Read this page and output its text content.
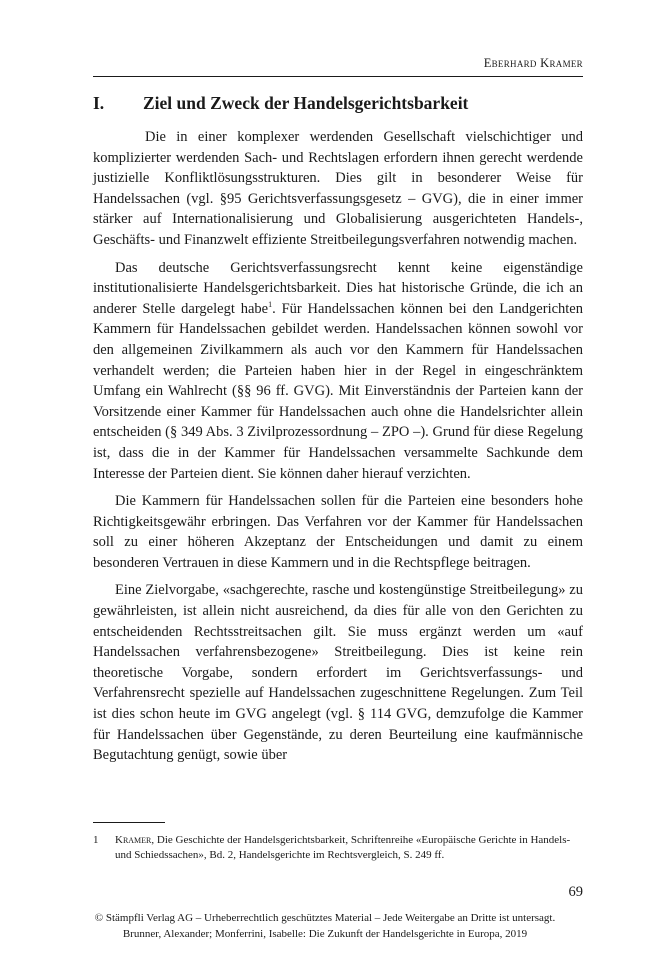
Eberhard Kramer
I. Ziel und Zweck der Handelsgerichtsbarkeit

Die in einer komplexer werdenden Gesellschaft vielschichtiger und komplizierter werdenden Sach- und Rechtslagen erfordern ihnen gerecht werdende justizielle Konfliktlösungsstrukturen. Dies gilt in besonderer Weise für Handelssachen (vgl. §95 Gerichtsverfassungsgesetz – GVG), die in einer immer stärker auf Internationalisierung und Globalisierung ausgerichteten Handels-, Geschäfts- und Finanzwelt effiziente Streitbeilegungsverfahren notwendig machen.

Das deutsche Gerichtsverfassungsrecht kennt keine eigenständige institutionalisierte Handelsgerichtsbarkeit. Dies hat historische Gründe, die ich an anderer Stelle dargelegt habe$^1$. Für Handelssachen können bei den Landgerichten Kammern für Handelssachen gebildet werden. Handelssachen können sowohl vor den allgemeinen Zivilkammern als auch vor den Kammern für Handelssachen verhandelt werden; die Parteien haben hier in der Regel in eingeschränktem Umfang ein Wahlrecht (§§ 96 ff. GVG). Mit Einverständnis der Parteien kann der Vorsitzende einer Kammer für Handelssachen auch ohne die Handelsrichter allein entscheiden (§ 349 Abs. 3 Zivilprozessordnung – ZPO –). Grund für diese Regelung ist, dass die in der Kammer für Handelssachen versammelte Sachkunde dem Interesse der Parteien dient. Sie können daher hierauf verzichten.

Die Kammern für Handelssachen sollen für die Parteien eine besonders hohe Richtigkeitsgewähr erbringen. Das Verfahren vor der Kammer für Handelssachen soll zu einer höheren Akzeptanz der Entscheidungen und damit zu einem besonderen Vertrauen in diese Kammern und in die Rechtspflege beitragen.

Eine Zielvorgabe, «sachgerechte, rasche und kostengünstige Streitbeilegung» zu gewährleisten, ist allein nicht ausreichend, da dies für alle von den Gerichten zu entscheidenden Rechtsstreitsachen gilt. Sie muss ergänzt werden um «auf Handelssachen verfahrensbezogene» Streitbeilegung. Dies ist keine rein theoretische Vorgabe, sondern erfordert im Gerichtsverfassungs- und Verfahrensrecht spezielle auf Handelssachen zugeschnittene Regelungen. Zum Teil ist dies schon heute im GVG angelegt (vgl. § 114 GVG, demzufolge die Kammer für Handelssachen über Gegenstände, zu deren Beurteilung eine kaufmännische Begutachtung genügt, sowie über

1 Kramer, Die Geschichte der Handelsgerichtsbarkeit, Schriftenreihe «Europäische Gerichte in Handels- und Schiedssachen», Bd. 2, Handelsgerichte im Rechtsvergleich, S. 249 ff.
69
© Stämpfli Verlag AG – Urheberrechtlich geschütztes Material – Jede Weitergabe an Dritte ist untersagt.
Brunner, Alexander; Monferrini, Isabelle: Die Zukunft der Handelsgerichte in Europa, 2019
